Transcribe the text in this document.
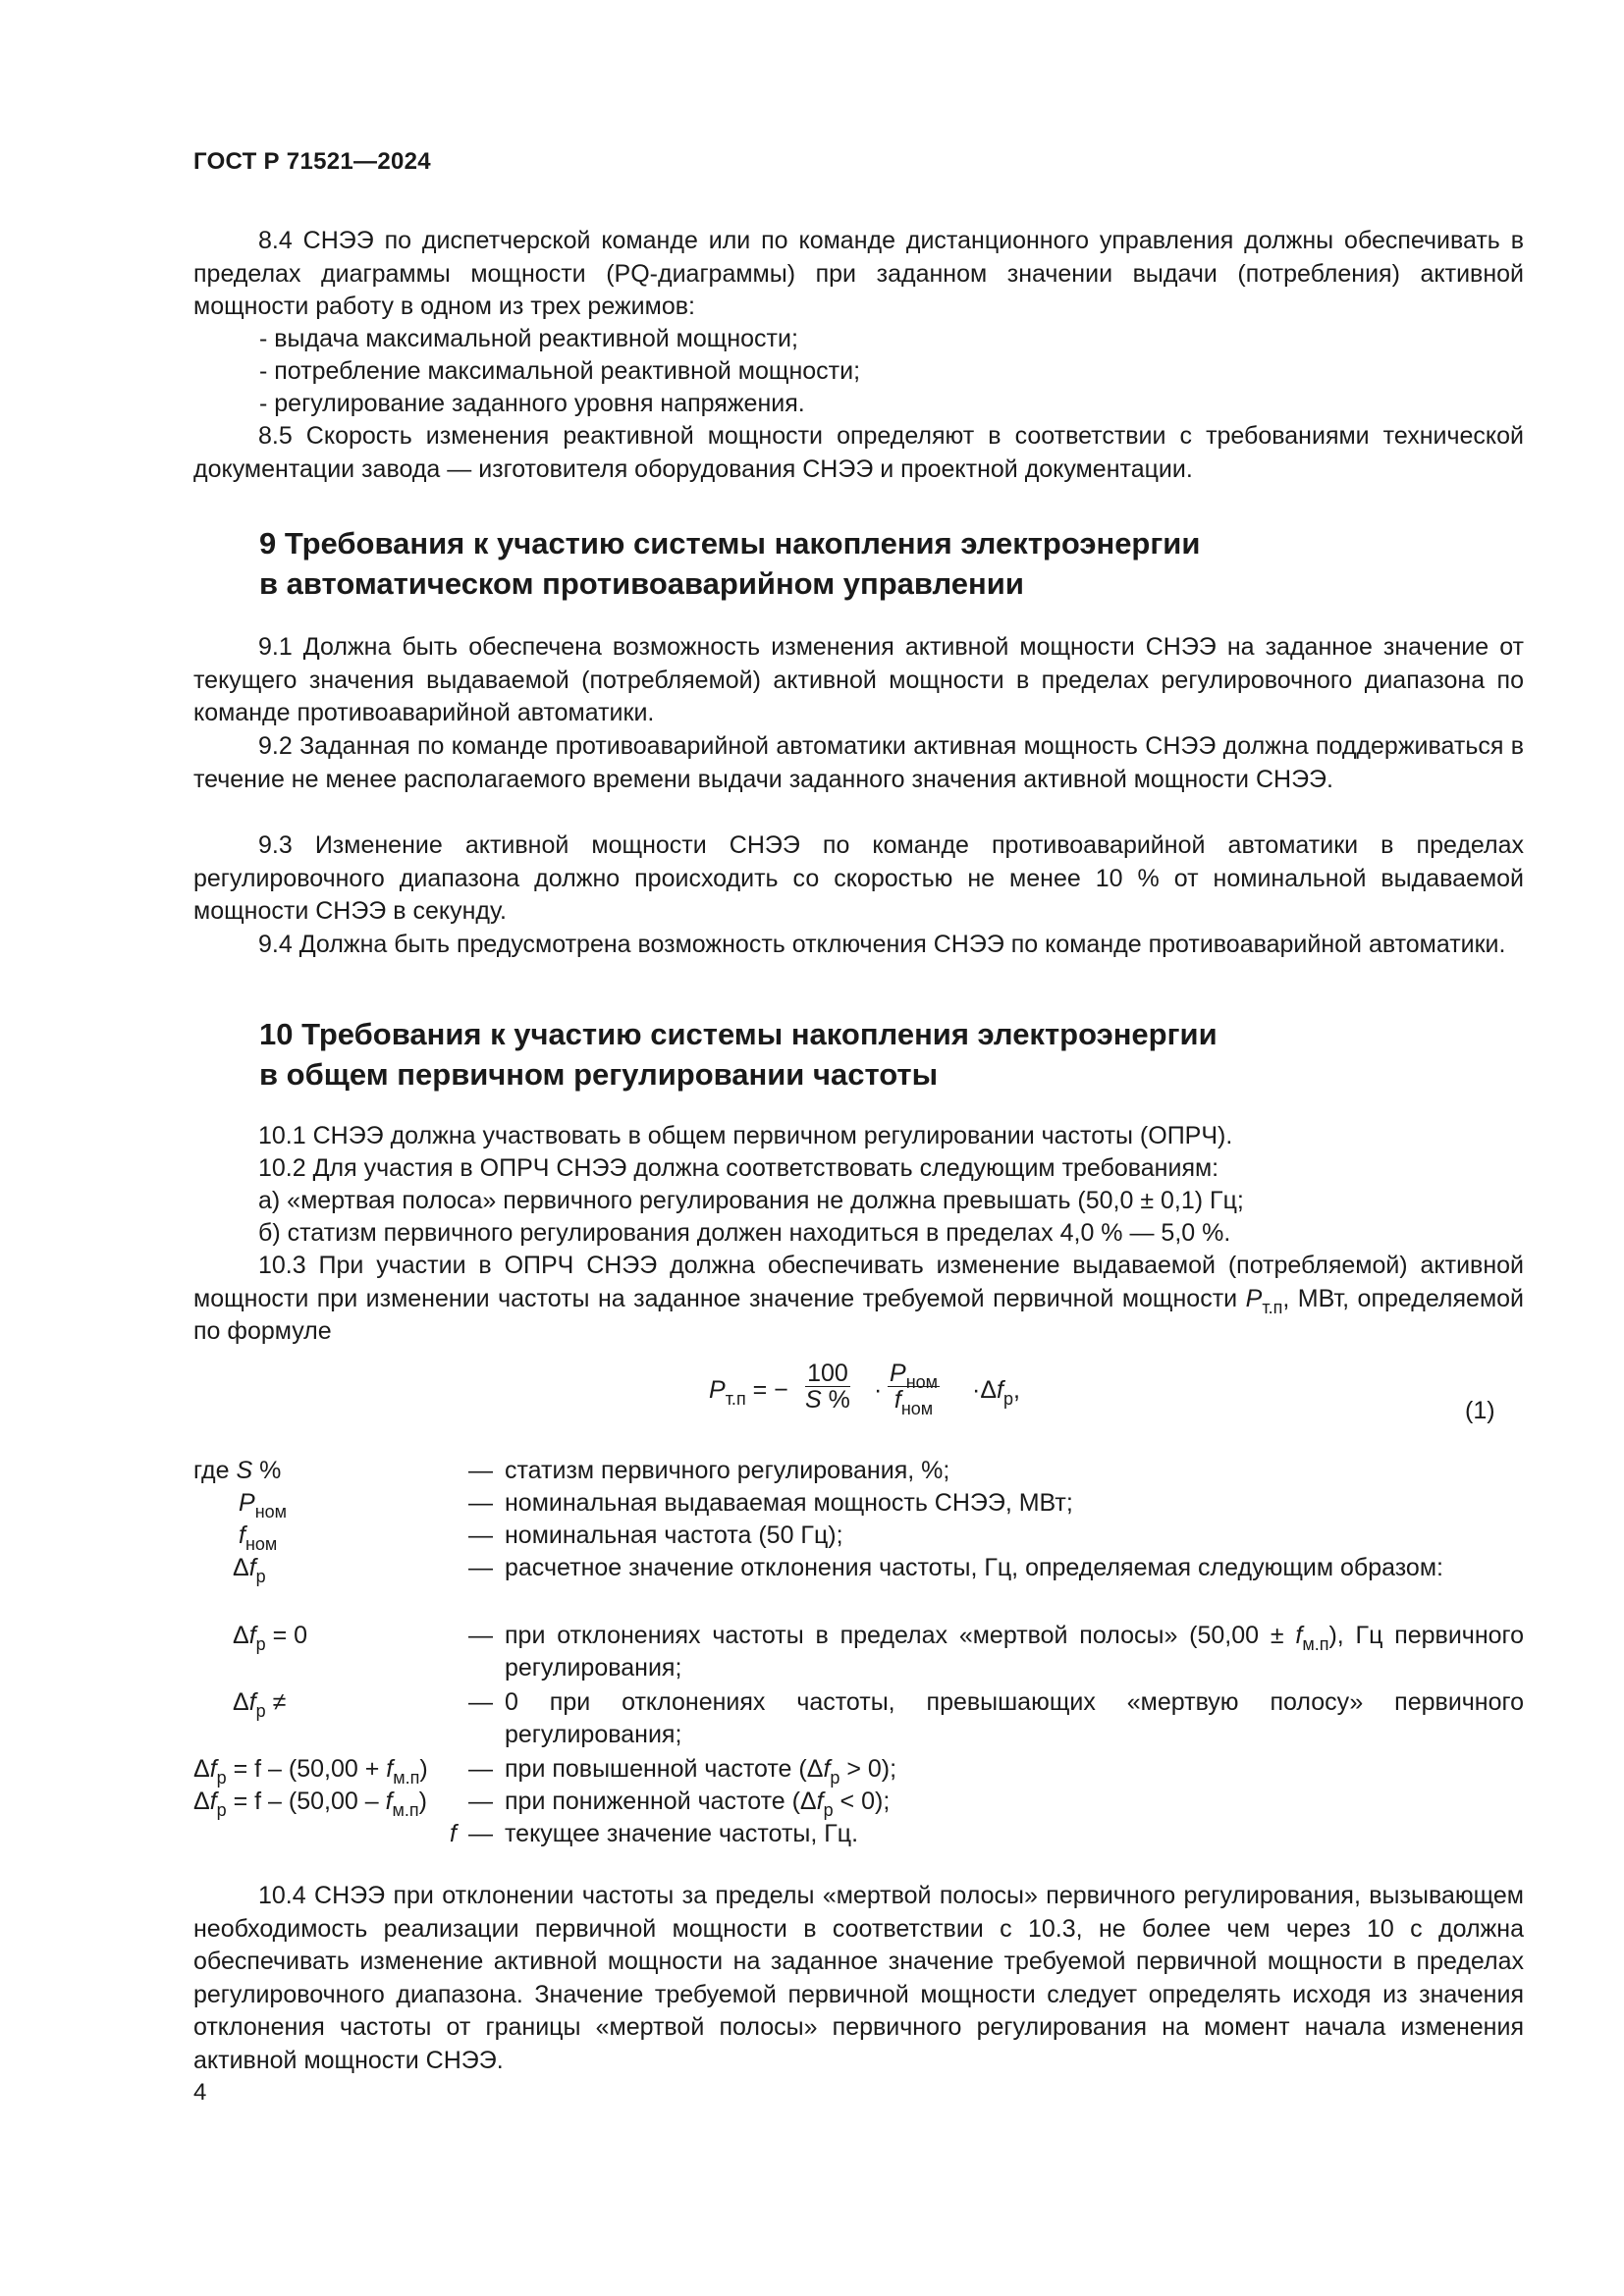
ГОСТ Р 71521—2024

8.4 СНЭЭ по диспетчерской команде или по команде дистанционного управления должны обеспечивать в пределах диаграммы мощности (PQ-диаграммы) при заданном значении выдачи (потребления) активной мощности работу в одном из трех режимов:

- выдача максимальной реактивной мощности;

- потребление максимальной реактивной мощности;

- регулирование заданного уровня напряжения.

8.5 Скорость изменения реактивной мощности определяют в соответствии с требованиями технической документации завода — изготовителя оборудования СНЭЭ и проектной документации.

9 Требования к участию системы накопления электроэнергии

в автоматическом противоаварийном управлении

9.1 Должна быть обеспечена возможность изменения активной мощности СНЭЭ на заданное значение от текущего значения выдаваемой (потребляемой) активной мощности в пределах регулировочного диапазона по команде противоаварийной автоматики.

9.2 Заданная по команде противоаварийной автоматики активная мощность СНЭЭ должна поддерживаться в течение не менее располагаемого времени выдачи заданного значения активной мощности СНЭЭ.

9.3 Изменение активной мощности СНЭЭ по команде противоаварийной автоматики в пределах регулировочного диапазона должно происходить со скоростью не менее 10 % от номинальной выдаваемой мощности СНЭЭ в секунду.

9.4 Должна быть предусмотрена возможность отключения СНЭЭ по команде противоаварийной автоматики.

10 Требования к участию системы накопления электроэнергии

в общем первичном регулировании частоты

10.1 СНЭЭ должна участвовать в общем первичном регулировании частоты (ОПРЧ).

10.2 Для участия в ОПРЧ СНЭЭ должна соответствовать следующим требованиям:

а) «мертвая полоса» первичного регулирования не должна превышать (50,0 ± 0,1) Гц;

б) статизм первичного регулирования должен находиться в пределах 4,0 % — 5,0 %.

10.3 При участии в ОПРЧ СНЭЭ должна обеспечивать изменение выдаваемой (потребляемой) активной мощности при изменении частоты на заданное значение требуемой первичной мощности $P_{т.п}$, МВт, определяемой по формуле

$P_{т.п}$ = − $\frac{100}{S \%}$ ·
$P_{ном}$
$f_{ном}$
$\cdot\Delta f_р$,
(1)
где S %	— статизм первичного регулирования, %;
$P_{ном}$	— номинальная выдаваемая мощность СНЭЭ, МВт;
$f_{ном}$	— номинальная частота (50 Гц);
$\Delta f_р$	— расчетное значение отклонения частоты, Гц, определяемая следующим образом:
$\Delta f_р = 0$	— при отклонениях частоты в пределах «мертвой полосы» $(50,00 \pm f_{м.п})$, Гц первичного регулирования;
$\Delta f_р$ ≠	— 0 при отклонениях частоты, превышающих «мертвую полосу» первичного регулирования;
$\Delta f_р = f - (50,00 + f_{м.п})$	— при повышенной частоте $(\Delta f_р > 0)$;
$\Delta f_р = f - (50,00 - f_{м.п})$	— при пониженной частоте $(\Delta f_р < 0)$;
f — текущее значение частоты, Гц.

10.4 СНЭЭ при отклонении частоты за пределы «мертвой полосы» первичного регулирования, вызывающем необходимость реализации первичной мощности в соответствии с 10.3, не более чем через 10 с должна обеспечивать изменение активной мощности на заданное значение требуемой первичной мощности в пределах регулировочного диапазона. Значение требуемой первичной мощности следует определять исходя из значения отклонения частоты от границы «мертвой полосы» первичного регулирования на момент начала изменения активной мощности СНЭЭ.

4
